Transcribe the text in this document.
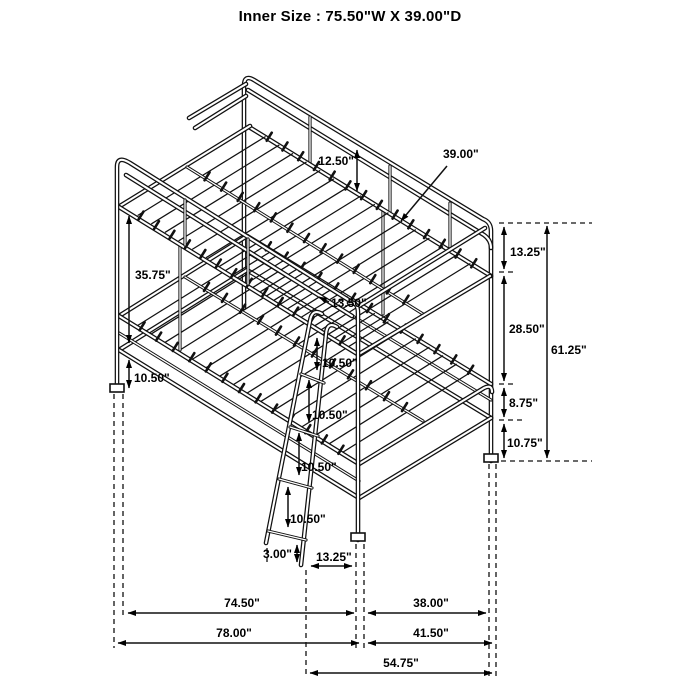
Inner Size : 75.50"W X 39.00"D
12.50"	39.00"
13.25"
28.50"
61.25"
8.75"
10.75"
35.75"
10.50"
13.50"
10.50"
10.50"
10.50"
10.50"
3.00" 13.25"
74.50"	38.00"
78.00"	41.50"
54.75"
